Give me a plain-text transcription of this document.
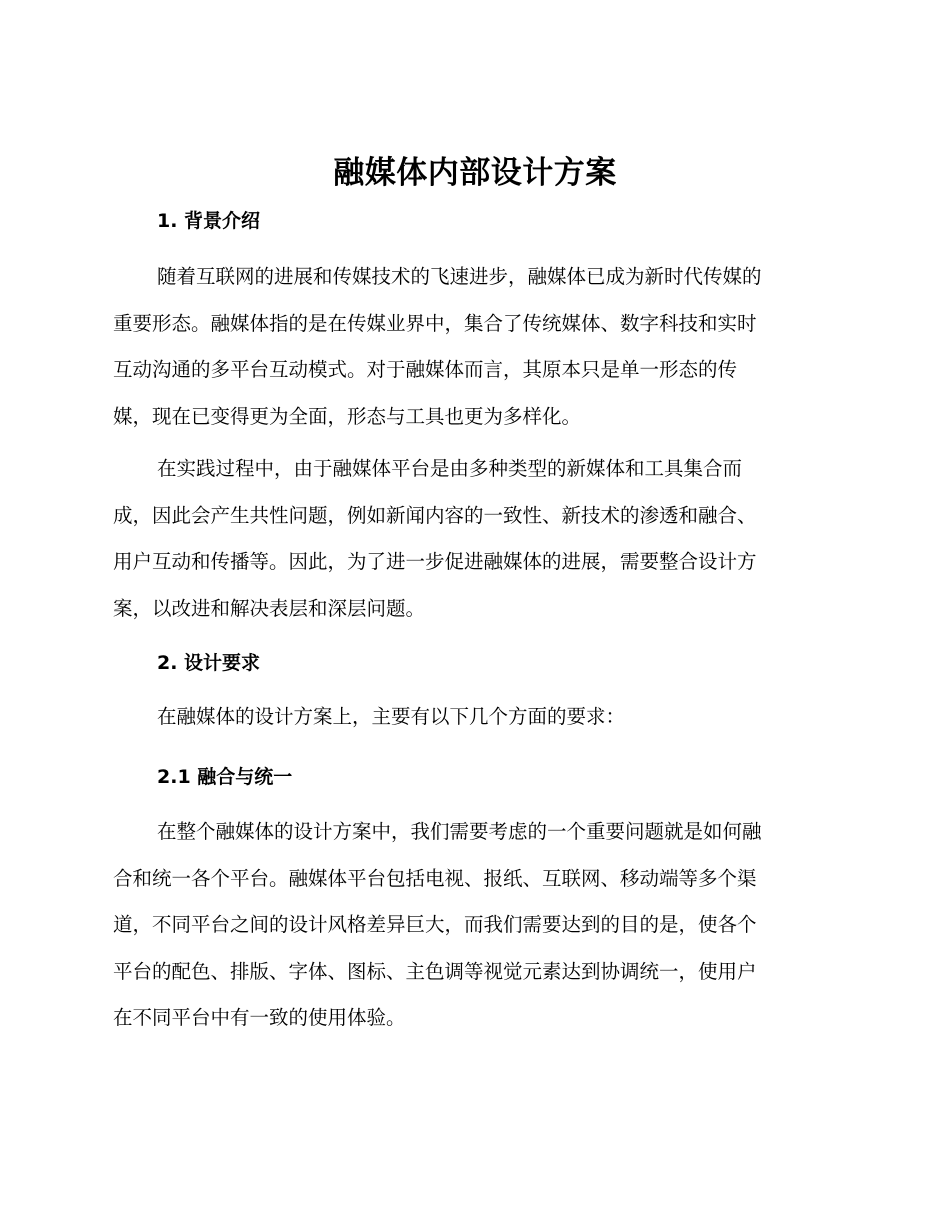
融媒体内部设计方案
1. 背景介绍

随着互联网的进展和传媒技术的飞速进步，融媒体已成为新时代传媒的
重要形态。融媒体指的是在传媒业界中，集合了传统媒体、数字科技和实时
互动沟通的多平台互动模式。对于融媒体而言，其原本只是单一形态的传
媒，现在已变得更为全面，形态与工具也更为多样化。

在实践过程中，由于融媒体平台是由多种类型的新媒体和工具集合而
成，因此会产生共性问题，例如新闻内容的一致性、新技术的渗透和融合、
用户互动和传播等。因此，为了进一步促进融媒体的进展，需要整合设计方
案，以改进和解决表层和深层问题。

2. 设计要求

在融媒体的设计方案上，主要有以下几个方面的要求：

2.1 融合与统一

在整个融媒体的设计方案中，我们需要考虑的一个重要问题就是如何融
合和统一各个平台。融媒体平台包括电视、报纸、互联网、移动端等多个渠
道，不同平台之间的设计风格差异巨大，而我们需要达到的目的是，使各个
平台的配色、排版、字体、图标、主色调等视觉元素达到协调统一，使用户
在不同平台中有一致的使用体验。
